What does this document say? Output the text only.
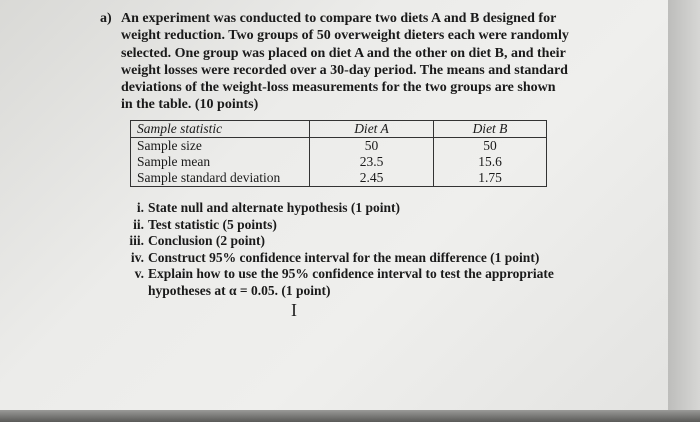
a) An experiment was conducted to compare two diets A and B designed for weight reduction. Two groups of 50 overweight dieters each were randomly selected. One group was placed on diet A and the other on diet B, and their weight losses were recorded over a 30-day period. The means and standard deviations of the weight-loss measurements for the two groups are shown in the table. (10 points)
Sample statistic	Diet A	Diet B
Sample size	50	50
Sample mean	23.5	15.6
Sample standard deviation	2.45	1.75
i. State null and alternate hypothesis (1 point)
ii. Test statistic (5 points)
iii. Conclusion (2 point)
iv. Construct 95% confidence interval for the mean difference (1 point)
v. Explain how to use the 95% confidence interval to test the appropriate hypotheses at α = 0.05. (1 point)
I
